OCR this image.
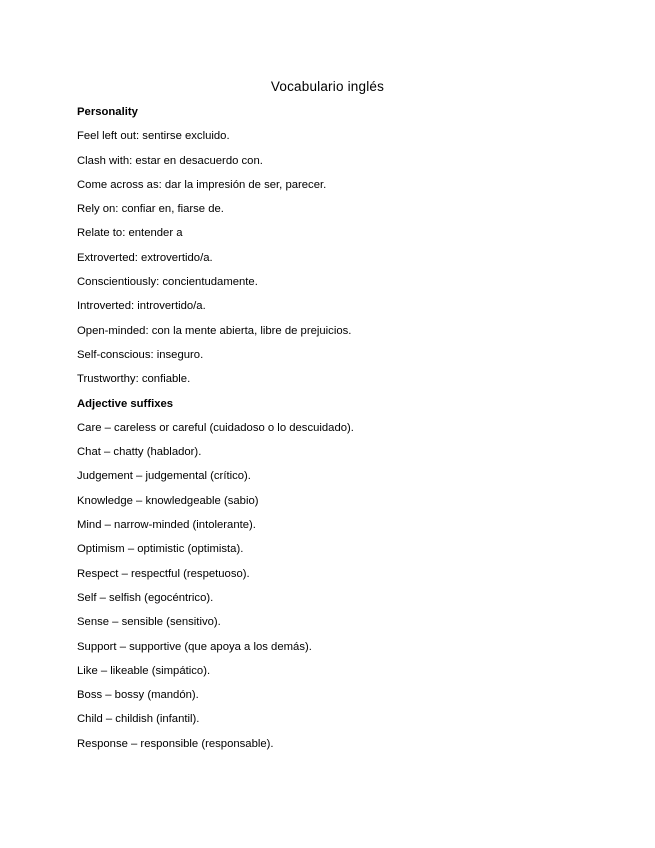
Vocabulario inglés
Personality
Feel left out: sentirse excluido.
Clash with: estar en desacuerdo con.
Come across as: dar la impresión de ser, parecer.
Rely on: confiar en, fiarse de.
Relate to: entender a
Extroverted: extrovertido/a.
Conscientiously: concientudamente.
Introverted: introvertido/a.
Open-minded: con la mente abierta, libre de prejuicios.
Self-conscious: inseguro.
Trustworthy: confiable.
Adjective suffixes
Care – careless or careful (cuidadoso o lo descuidado).
Chat – chatty (hablador).
Judgement – judgemental (crítico).
Knowledge – knowledgeable (sabio)
Mind – narrow-minded (intolerante).
Optimism – optimistic (optimista).
Respect – respectful (respetuoso).
Self – selfish (egocéntrico).
Sense – sensible (sensitivo).
Support – supportive (que apoya a los demás).
Like – likeable (simpático).
Boss – bossy (mandón).
Child – childish (infantil).
Response – responsible (responsable).
